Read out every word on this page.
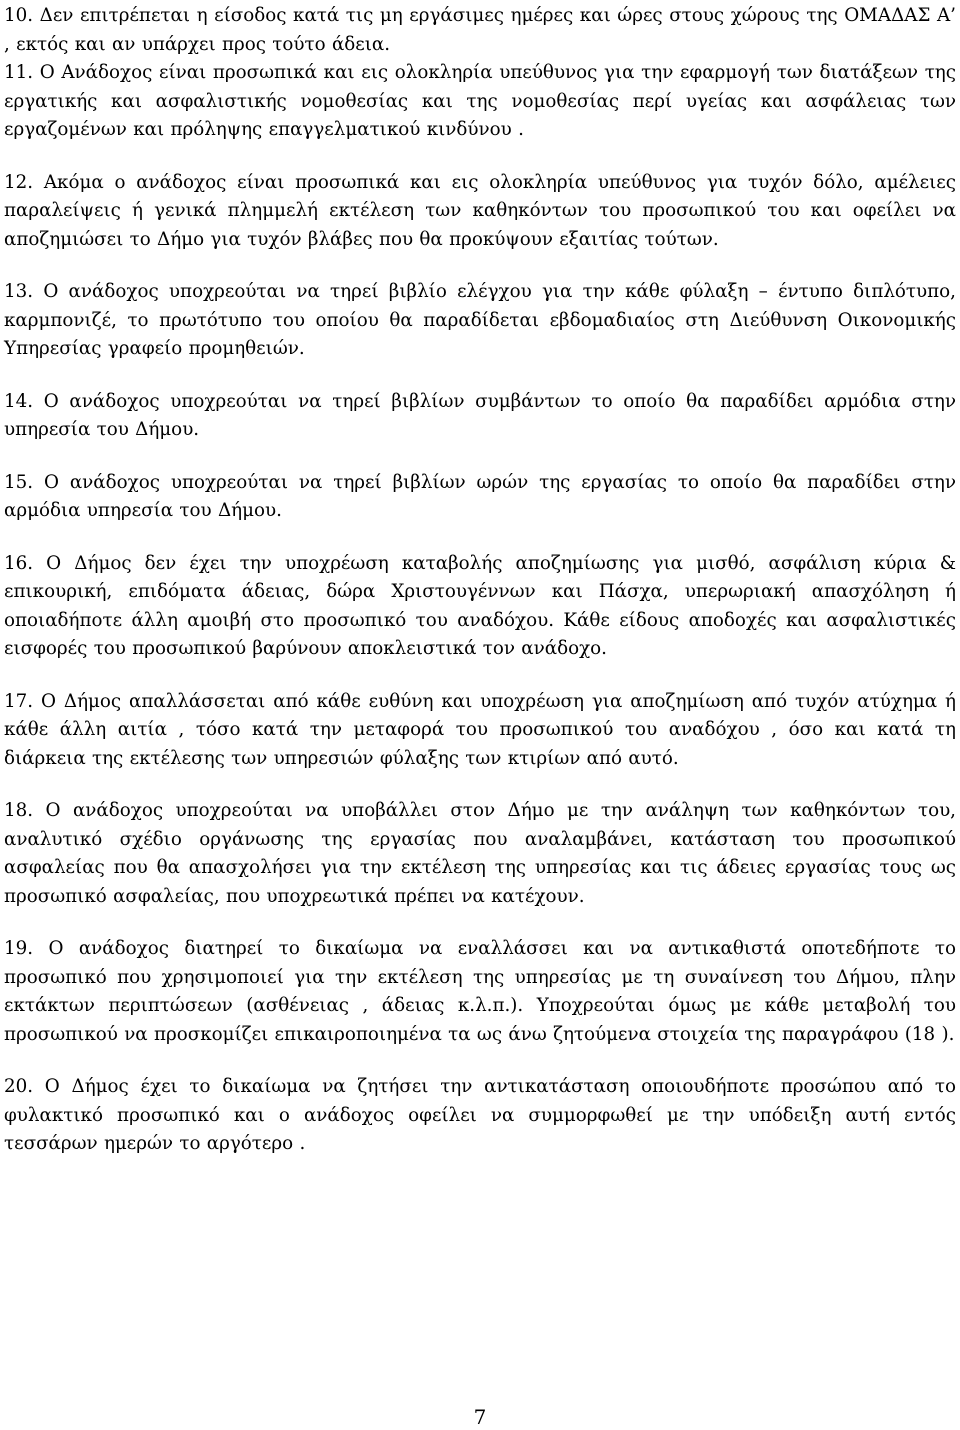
10. Δεν επιτρέπεται η είσοδος κατά τις μη εργάσιμες ημέρες και ώρες στους χώρους της ΟΜΑΔΑΣ Α’ , εκτός και αν υπάρχει προς τούτο άδεια.

11. Ο Ανάδοχος είναι προσωπικά και εις ολοκληρία υπεύθυνος για την εφαρμογή των διατάξεων της εργατικής και ασφαλιστικής νομοθεσίας και της νομοθεσίας περί υγείας και ασφάλειας των εργαζομένων και πρόληψης επαγγελματικού κινδύνου .

12. Ακόμα ο ανάδοχος είναι προσωπικά και εις ολοκληρία υπεύθυνος για τυχόν δόλο, αμέλειες παραλείψεις ή γενικά πλημμελή εκτέλεση των καθηκόντων του προσωπικού του και οφείλει να αποζημιώσει το Δήμο για τυχόν βλάβες που θα προκύψουν εξαιτίας τούτων.

13. Ο ανάδοχος υποχρεούται να τηρεί βιβλίο ελέγχου για την κάθε φύλαξη – έντυπο διπλότυπο, καρμπονιζέ, το πρωτότυπο του οποίου θα παραδίδεται εβδομαδιαίος στη Διεύθυνση Οικονομικής Υπηρεσίας γραφείο προμηθειών.

14. Ο ανάδοχος υποχρεούται να τηρεί βιβλίων συμβάντων το οποίο θα παραδίδει αρμόδια στην υπηρεσία του Δήμου.

15. Ο ανάδοχος υποχρεούται να τηρεί βιβλίων ωρών της εργασίας το οποίο θα παραδίδει στην αρμόδια υπηρεσία του Δήμου.

16. Ο Δήμος δεν έχει την υποχρέωση καταβολής αποζημίωσης για μισθό, ασφάλιση κύρια & επικουρική, επιδόματα άδειας, δώρα Χριστουγέννων και Πάσχα, υπερωριακή απασχόληση ή οποιαδήποτε άλλη αμοιβή στο προσωπικό του αναδόχου. Κάθε είδους αποδοχές και ασφαλιστικές εισφορές του προσωπικού βαρύνουν αποκλειστικά τον ανάδοχο.

17. Ο Δήμος απαλλάσσεται από κάθε ευθύνη και υποχρέωση για αποζημίωση από τυχόν ατύχημα ή κάθε άλλη αιτία , τόσο κατά την μεταφορά του προσωπικού του αναδόχου , όσο και κατά τη διάρκεια της εκτέλεσης των υπηρεσιών φύλαξης των κτιρίων από αυτό.

18. Ο ανάδοχος υποχρεούται να υποβάλλει στον Δήμο με την ανάληψη των καθηκόντων του, αναλυτικό σχέδιο οργάνωσης της εργασίας που αναλαμβάνει, κατάσταση του προσωπικού ασφαλείας που θα απασχολήσει για την εκτέλεση της υπηρεσίας και τις άδειες εργασίας τους ως προσωπικό ασφαλείας, που υποχρεωτικά πρέπει να κατέχουν.

19. Ο ανάδοχος διατηρεί το δικαίωμα να εναλλάσσει και να αντικαθιστά οποτεδήποτε το προσωπικό που χρησιμοποιεί για την εκτέλεση της υπηρεσίας με τη συναίνεση του Δήμου, πλην εκτάκτων περιπτώσεων (ασθένειας , άδειας κ.λ.π.). Υποχρεούται όμως με κάθε μεταβολή του προσωπικού να προσκομίζει επικαιροποιημένα τα ως άνω ζητούμενα στοιχεία της παραγράφου (18 ).

20. Ο Δήμος έχει το δικαίωμα να ζητήσει την αντικατάσταση οποιουδήποτε προσώπου από το φυλακτικό προσωπικό και ο ανάδοχος οφείλει να συμμορφωθεί με την υπόδειξη αυτή εντός τεσσάρων ημερών το αργότερο .

7
